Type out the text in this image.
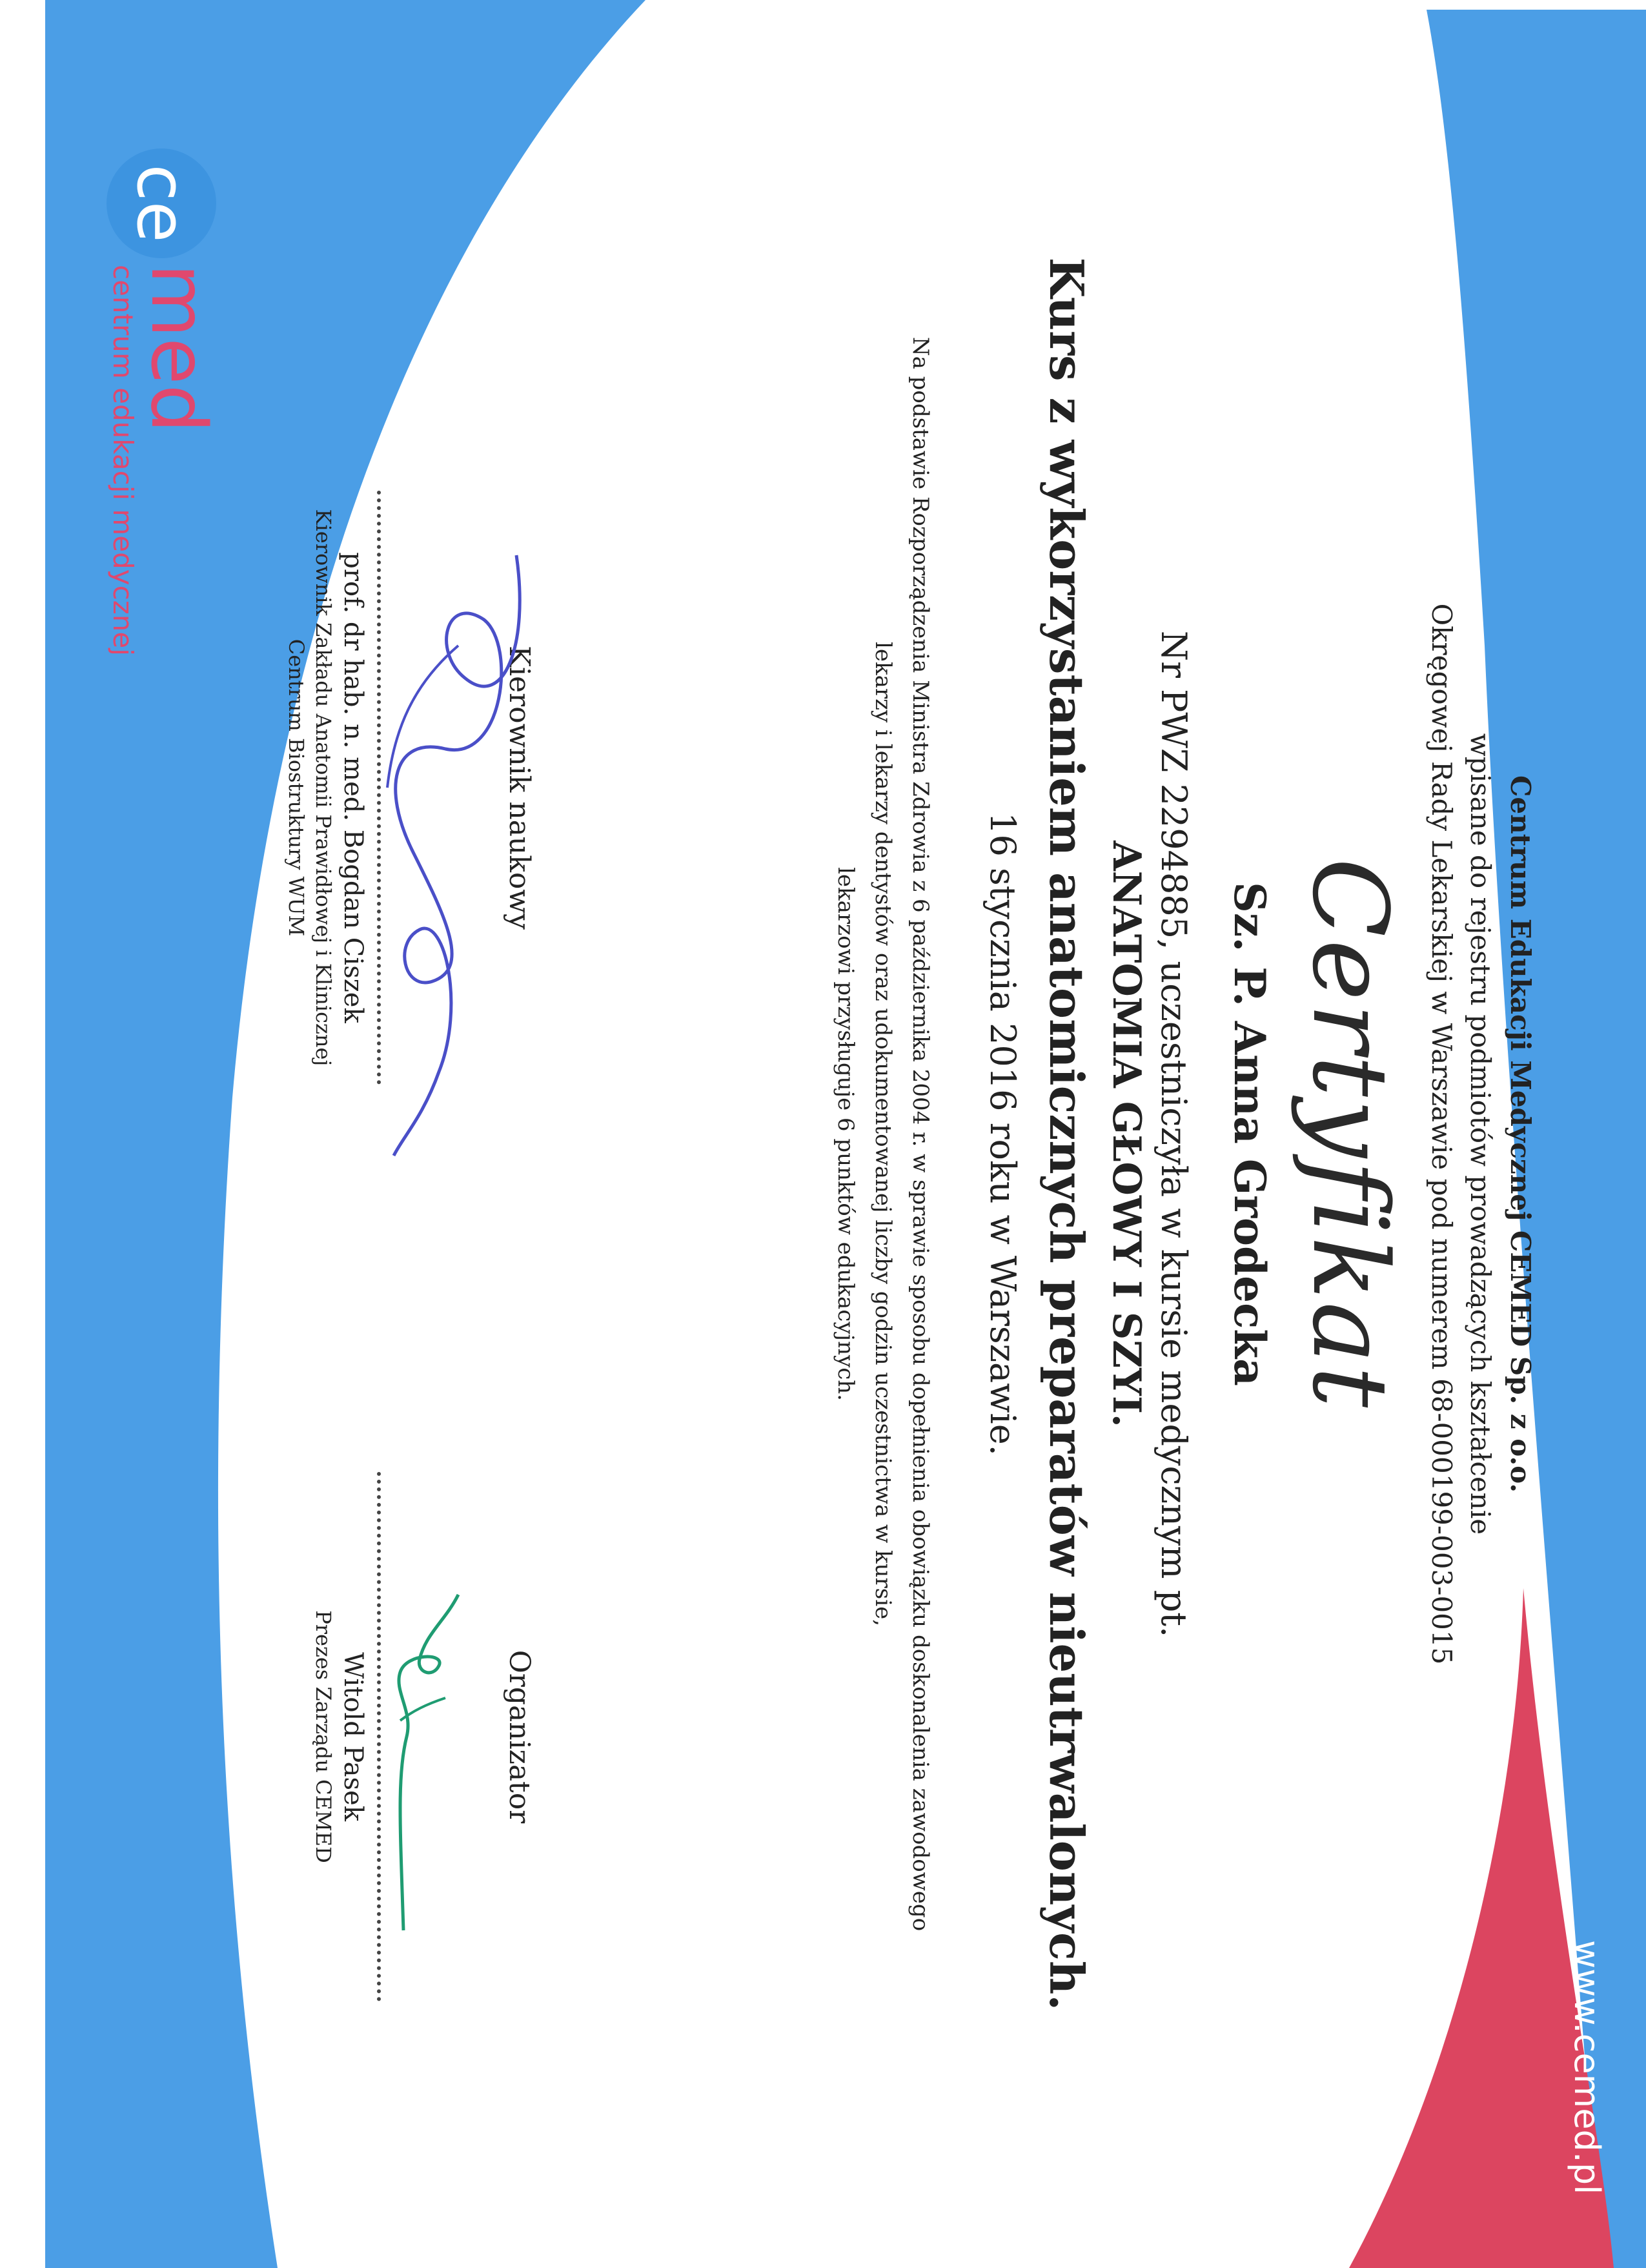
ce
med
centrum edukacji medycznej
www.cemed.pl
Centrum Edukacji Medycznej CEMED Sp. z o.o.
wpisane do rejestru podmiotów prowadzących kształcenie
Okręgowej Rady Lekarskiej w Warszawie pod numerem 68-000199-003-0015
Certyfikat
Sz. P. Anna Grodecka
Nr PWZ 2294885, uczestniczyła w kursie medycznym pt.
ANATOMIA GŁOWY I SZYI.
Kurs z wykorzystaniem anatomicznych preparatów nieutrwalonych.
16 stycznia 2016 roku w Warszawie.
Na podstawie Rozporządzenia Ministra Zdrowia z 6 października 2004 r. w sprawie sposobu dopełnienia obowiązku doskonalenia zawodowego
lekarzy i lekarzy dentystów oraz udokumentowanej liczby godzin uczestnictwa w kursie,
lekarzowi przysługuje 6 punktów edukacyjnych.
Kierownik naukowy
prof. dr hab. n. med. Bogdan Ciszek
Kierownik Zakładu Anatomii Prawidłowej i Klinicznej
Centrum Biostruktury WUM
Organizator
Witold Pasek
Prezes Zarządu CEMED
